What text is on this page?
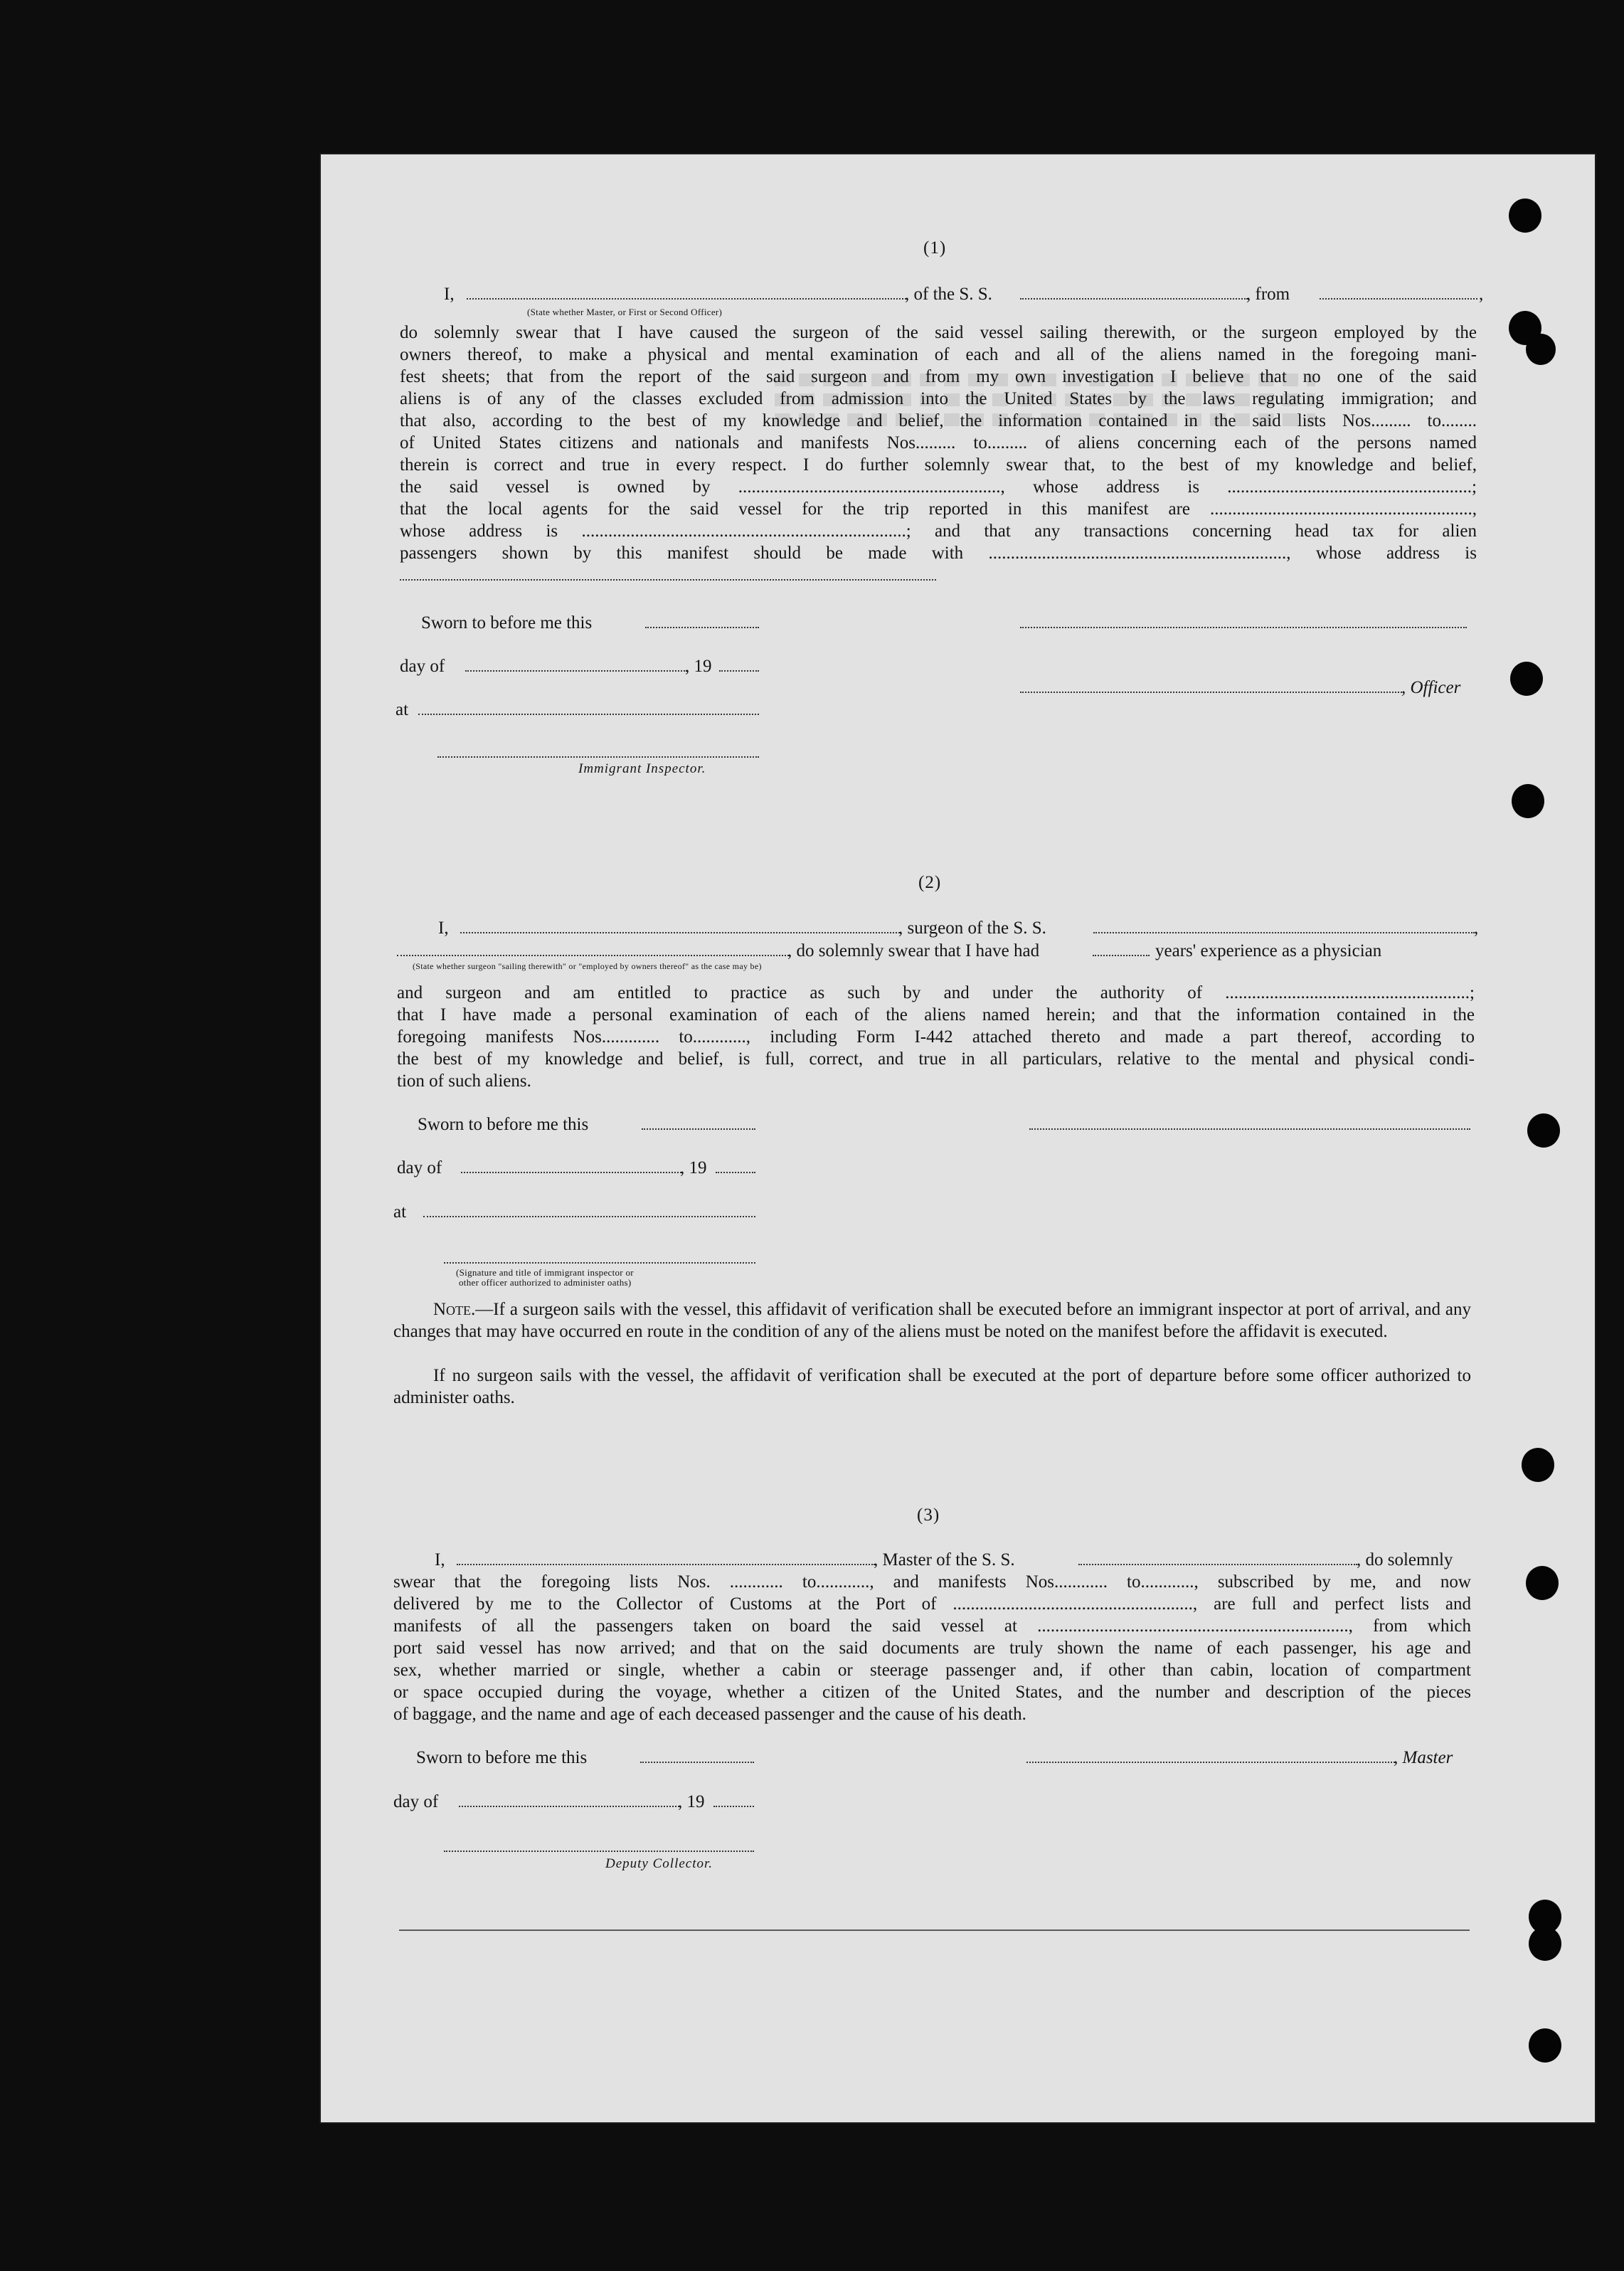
(1)
I,	, of the S. S.	, from	,
(State whether Master, or First or Second Officer)
do solemnly swear that I have caused the surgeon of the said vessel sailing therewith, or the surgeon employed by the
owners thereof, to make a physical and mental examination of each and all of the aliens named in the foregoing mani-
fest sheets; that from the report of the said surgeon and from my own investigation I believe that no one of the said
aliens is of any of the classes excluded from admission into the United States by the laws regulating immigration; and
that also, according to the best of my knowledge and belief, the information contained in the said lists Nos......... to........
of United States citizens and nationals and manifests Nos......... to......... of aliens concerning each of the persons named
therein is correct and true in every respect. I do further solemnly swear that, to the best of my knowledge and belief,
the said vessel is owned by ..........................................................., whose address is .......................................................;
that the local agents for the said vessel for the trip reported in this manifest are ...........................................................,
whose address is .........................................................................; and that any transactions concerning head tax for alien
passengers shown by this manifest should be made with ..................................................................., whose address is
Sworn to before me this
day of	, 19
, Officer
at
Immigrant Inspector.
(2)
I,	, surgeon of the S. S.	,
, do solemnly swear that I have had	years' experience as a physician
(State whether surgeon "sailing therewith" or "employed by owners thereof" as the case may be)
and surgeon and am entitled to practice as such by and under the authority of .......................................................;
that I have made a personal examination of each of the aliens named herein; and that the information contained in the
foregoing manifests Nos............. to............, including Form I-442 attached thereto and made a part thereof, according to
the best of my knowledge and belief, is full, correct, and true in all particulars, relative to the mental and physical condi-
tion of such aliens.
Sworn to before me this
day of	, 19
at
(Signature and title of immigrant inspector or
other officer authorized to administer oaths)
Note.—If a surgeon sails with the vessel, this affidavit of verification shall be executed before an immigrant inspector at port of arrival, and any changes that may have occurred en route in the condition of any of the aliens must be noted on the manifest before the affidavit is executed.
If no surgeon sails with the vessel, the affidavit of verification shall be executed at the port of departure before some officer authorized to administer oaths.
(3)
I,	, Master of the S. S.	, do solemnly
swear that the foregoing lists Nos. ............ to............, and manifests Nos............ to............, subscribed by me, and now
delivered by me to the Collector of Customs at the Port of ......................................................, are full and perfect lists and
manifests of all the passengers taken on board the said vessel at ......................................................................, from which
port said vessel has now arrived; and that on the said documents are truly shown the name of each passenger, his age and
sex, whether married or single, whether a cabin or steerage passenger and, if other than cabin, location of compartment
or space occupied during the voyage, whether a citizen of the United States, and the number and description of the pieces
of baggage, and the name and age of each deceased passenger and the cause of his death.
Sworn to before me this	, Master
day of	, 19
Deputy Collector.
